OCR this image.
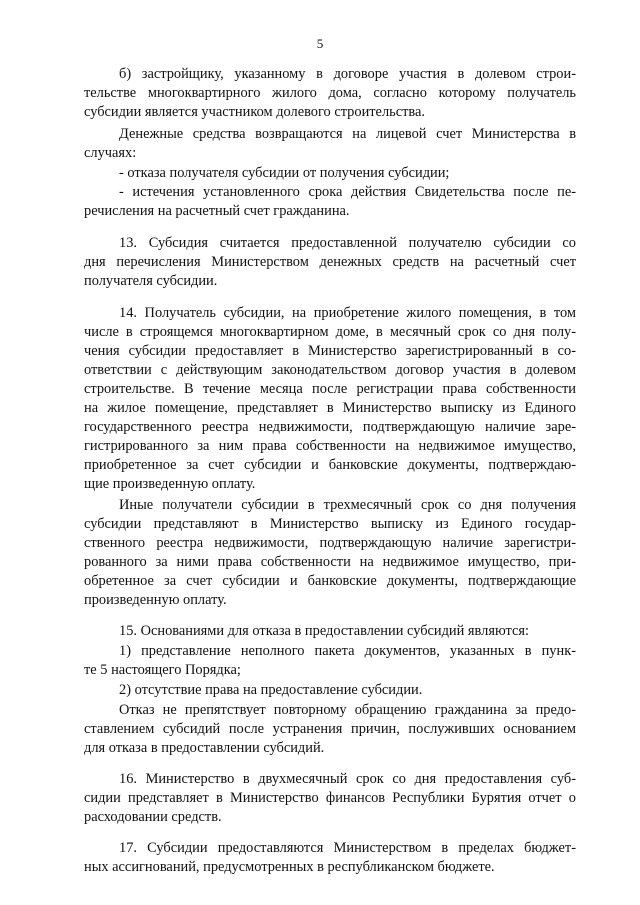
5
б) застройщику, указанному в договоре участия в долевом строи-
тельстве многоквартирного жилого дома, согласно которому получатель
субсидии является участником долевого строительства.
Денежные средства возвращаются на лицевой счет Министерства в
случаях:
- отказа получателя субсидии от получения субсидии;
- истечения установленного срока действия Свидетельства после пе-
речисления на расчетный счет гражданина.
13. Субсидия считается предоставленной получателю субсидии со
дня перечисления Министерством денежных средств на расчетный счет
получателя субсидии.
14. Получатель субсидии, на приобретение жилого помещения, в том
числе в строящемся многоквартирном доме, в месячный срок со дня полу-
чения субсидии предоставляет в Министерство зарегистрированный в со-
ответствии с действующим законодательством договор участия в долевом
строительстве. В течение месяца после регистрации права собственности
на жилое помещение, представляет в Министерство выписку из Единого
государственного реестра недвижимости, подтверждающую наличие заре-
гистрированного за ним права собственности на недвижимое имущество,
приобретенное за счет субсидии и банковские документы, подтверждаю-
щие произведенную оплату.
Иные получатели субсидии в трехмесячный срок со дня получения
субсидии представляют в Министерство выписку из Единого государ-
ственного реестра недвижимости, подтверждающую наличие зарегистри-
рованного за ними права собственности на недвижимое имущество, при-
обретенное за счет субсидии и банковские документы, подтверждающие
произведенную оплату.
15. Основаниями для отказа в предоставлении субсидий являются:
1) представление неполного пакета документов, указанных в пунк-
те 5 настоящего Порядка;
2) отсутствие права на предоставление субсидии.
Отказ не препятствует повторному обращению гражданина за предо-
ставлением субсидий после устранения причин, послуживших основанием
для отказа в предоставлении субсидий.
16. Министерство в двухмесячный срок со дня предоставления суб-
сидии представляет в Министерство финансов Республики Бурятия отчет о
расходовании средств.
17. Субсидии предоставляются Министерством в пределах бюджет-
ных ассигнований, предусмотренных в республиканском бюджете.
